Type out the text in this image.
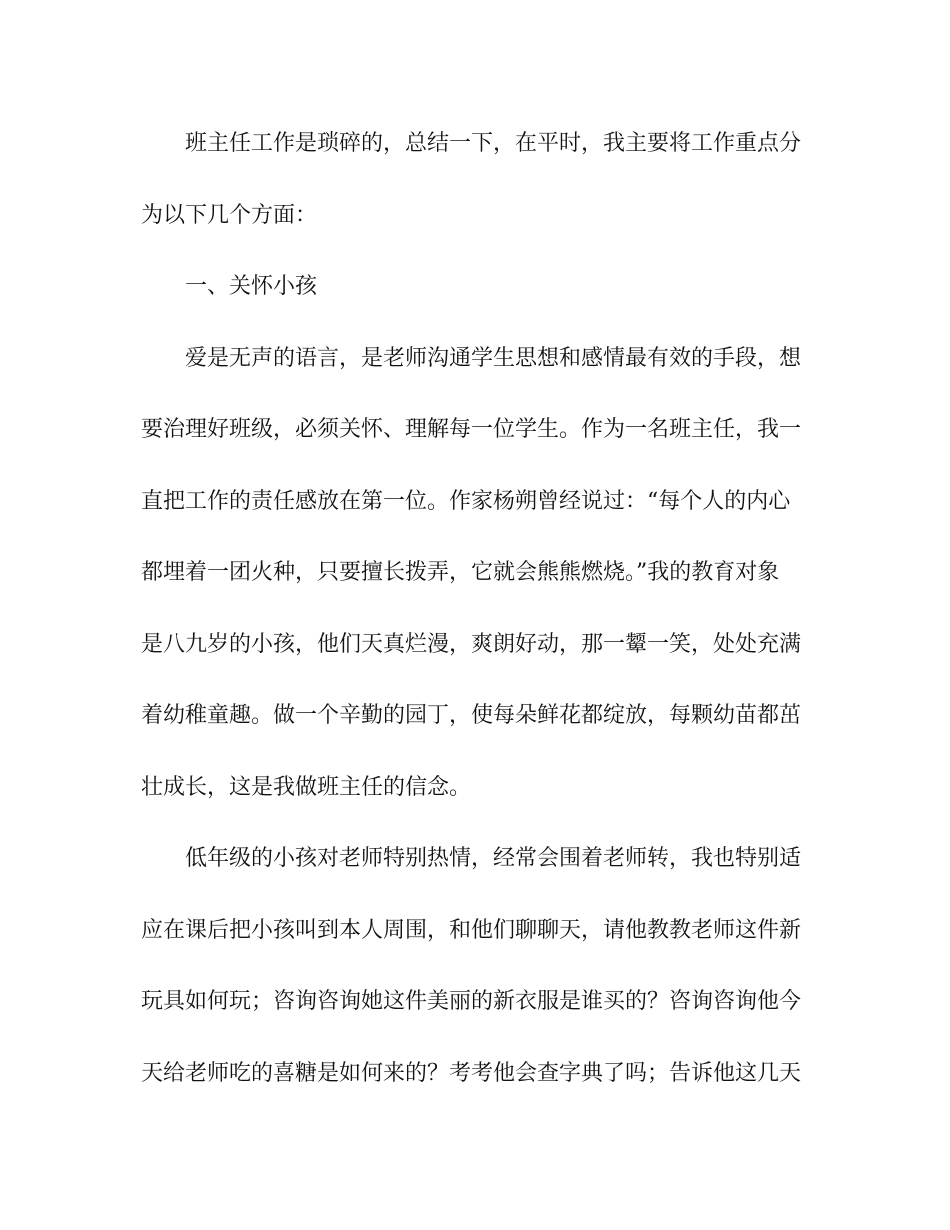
班主任工作是琐碎的，总结一下，在平时，我主要将工作重点分
为以下几个方面：
一、关怀小孩
爱是无声的语言，是老师沟通学生思想和感情最有效的手段，想
要治理好班级，必须关怀、理解每一位学生。作为一名班主任，我一
直把工作的责任感放在第一位。作家杨朔曾经说过：“每个人的内心
都埋着一团火种，只要擅长拨弄，它就会熊熊燃烧。”我的教育对象
是八九岁的小孩，他们天真烂漫，爽朗好动，那一颦一笑，处处充满
着幼稚童趣。做一个辛勤的园丁，使每朵鲜花都绽放，每颗幼苗都茁
壮成长，这是我做班主任的信念。
低年级的小孩对老师特别热情，经常会围着老师转，我也特别适
应在课后把小孩叫到本人周围，和他们聊聊天，请他教教老师这件新
玩具如何玩；咨询咨询她这件美丽的新衣服是谁买的？咨询咨询他今
天给老师吃的喜糖是如何来的？考考他会查字典了吗；告诉他这几天
